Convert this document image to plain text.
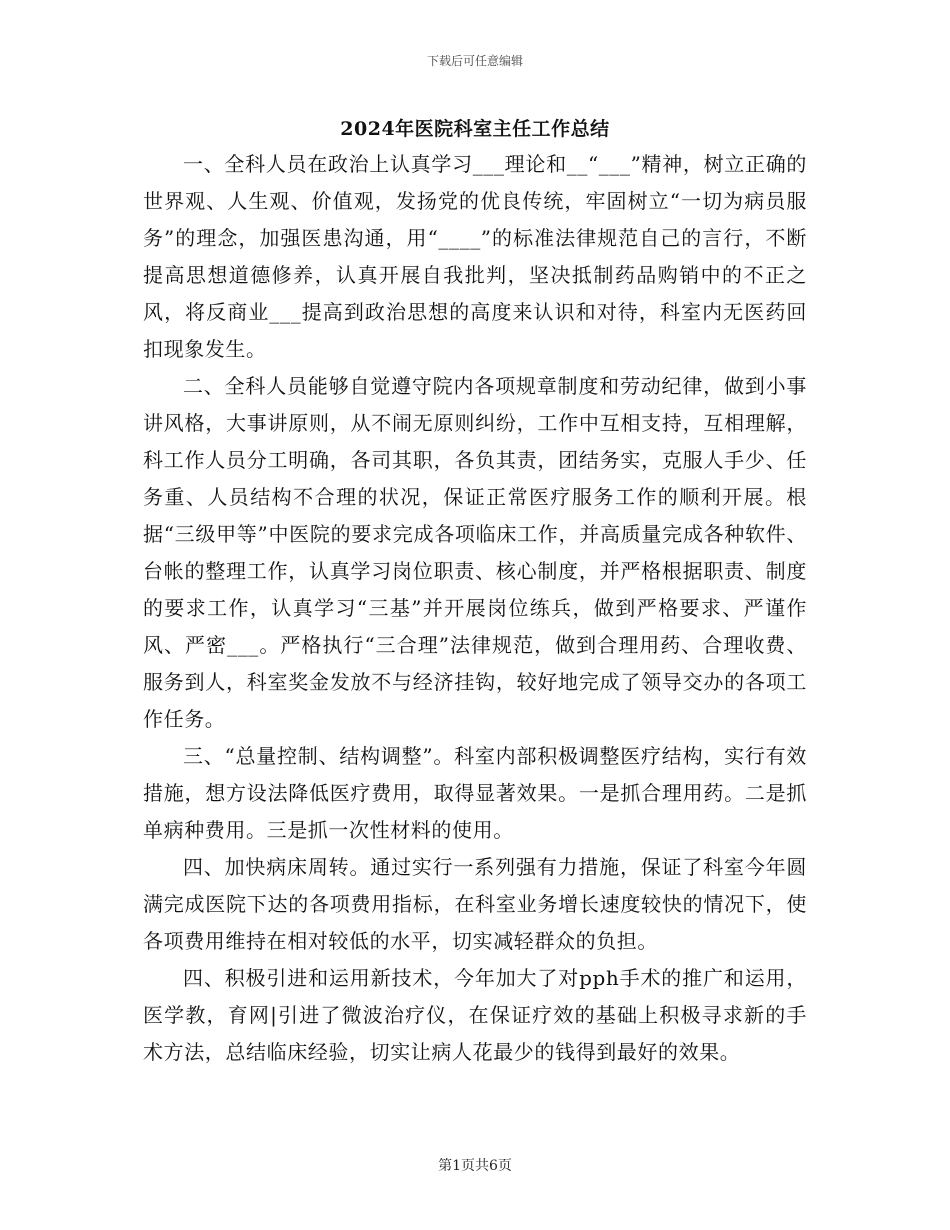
下载后可任意编辑
2024年医院科室主任工作总结

一、全科人员在政治上认真学习___理论和__“___”精神，树立正确的世界观、人生观、价值观，发扬党的优良传统，牢固树立“一切为病员服务”的理念，加强医患沟通，用“____”的标准法律规范自己的言行，不断提高思想道德修养，认真开展自我批判，坚决抵制药品购销中的不正之风，将反商业___提高到政治思想的高度来认识和对待，科室内无医药回扣现象发生。

二、全科人员能够自觉遵守院内各项规章制度和劳动纪律，做到小事讲风格，大事讲原则，从不闹无原则纠纷，工作中互相支持，互相理解，科工作人员分工明确，各司其职，各负其责，团结务实，克服人手少、任务重、人员结构不合理的状况，保证正常医疗服务工作的顺利开展。根据“三级甲等”中医院的要求完成各项临床工作，并高质量完成各种软件、台帐的整理工作，认真学习岗位职责、核心制度，并严格根据职责、制度的要求工作，认真学习“三基”并开展岗位练兵，做到严格要求、严谨作风、严密___。严格执行“三合理”法律规范，做到合理用药、合理收费、服务到人，科室奖金发放不与经济挂钩，较好地完成了领导交办的各项工作任务。

三、“总量控制、结构调整”。科室内部积极调整医疗结构，实行有效措施，想方设法降低医疗费用，取得显著效果。一是抓合理用药。二是抓单病种费用。三是抓一次性材料的使用。

四、加快病床周转。通过实行一系列强有力措施，保证了科室今年圆满完成医院下达的各项费用指标，在科室业务增长速度较快的情况下，使各项费用维持在相对较低的水平，切实减轻群众的负担。

四、积极引进和运用新技术，今年加大了对pph手术的推广和运用，医学教，育网|引进了微波治疗仪，在保证疗效的基础上积极寻求新的手术方法，总结临床经验，切实让病人花最少的钱得到最好的效果。

第1页共6页
